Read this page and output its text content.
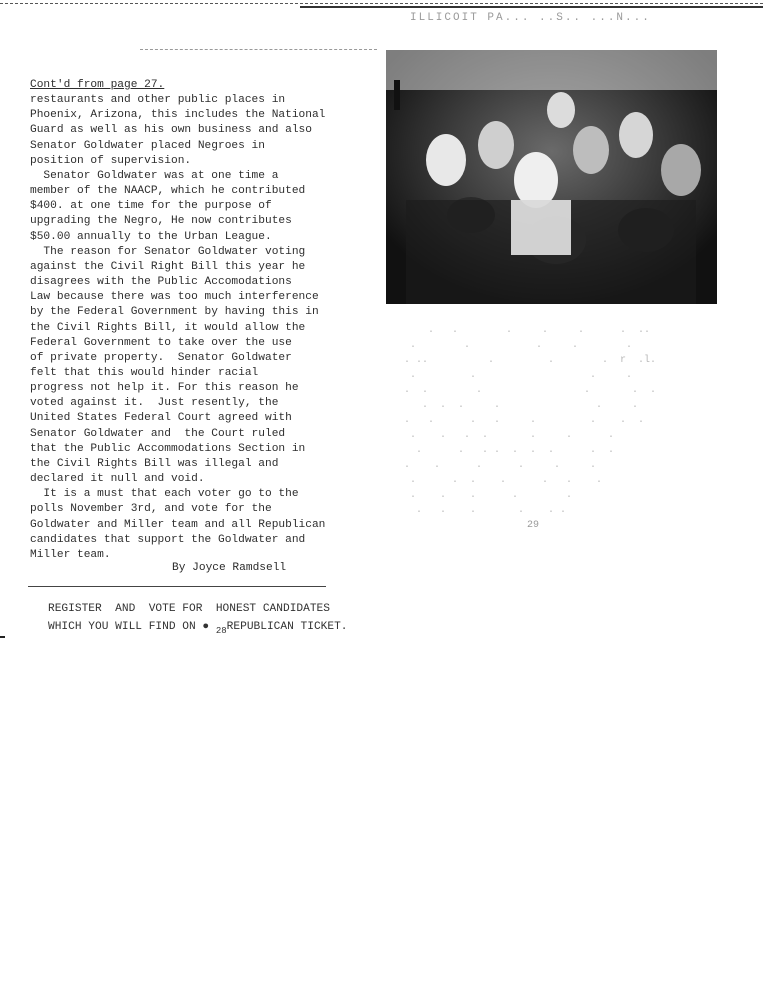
ILLICOIT PA... ..S.. ...N...
Cont'd from page 27.
restaurants and other public places in
Phoenix, Arizona, this includes the National
Guard as well as his own business and also
Senator Goldwater placed Negroes in
position of supervision.
Senator Goldwater was at one time a
member of the NAACP, which he contributed
$400. at one time for the purpose of
upgrading the Negro, He now contributes
$50.00 annually to the Urban League.
The reason for Senator Goldwater voting
against the Civil Right Bill this year he
disagrees with the Public Accomodations
Law because there was too much interference
by the Federal Government by having this in
the Civil Rights Bill, it would allow the
Federal Government to take over the use
of private property.  Senator Goldwater
felt that this would hinder racial
progress not help it. For this reason he
voted against it.  Just resently, the
United States Federal Court agreed with
Senator Goldwater and  the Court ruled
that the Public Accommodations Section in
the Civil Rights Bill was illegal and
declared it null and void.
It is a must that each voter go to the
polls November 3rd, and vote for the
Goldwater and Miller team and all Republican
candidates that support the Goldwater and
Miller team.
By Joyce Ramdsell
REGISTER  AND  VOTE FOR  HONEST CANDIDATES
WHICH YOU WILL FIND ON ● $_{28}$REPUBLICAN TICKET.
.   .        .     .     .      .  ..
.        .           .     .        .
. ..          .         .        .  r  .l.
.         .                   .     .
.  .        .                 .       .  .
.  .  .     .                .     .
.   .      .   .     .         .    .  .
.    .   .  .       .     .      .
.      .   . .  .  .  .      .  .
.    .      .      .     .     .
.      .  .    .      .   .    .
.    .    .      .        .
.   .    .       .    . .
29
